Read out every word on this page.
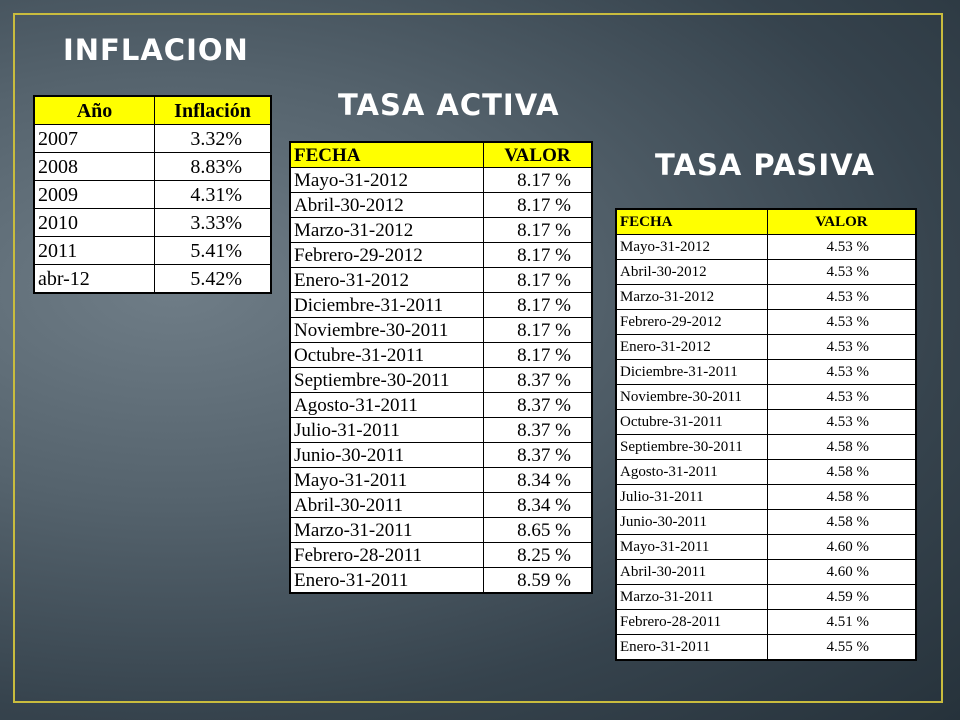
INFLACION
TASA ACTIVA
TASA PASIVA
Año	Inflación
2007	3.32%
2008	8.83%
2009	4.31%
2010	3.33%
2011	5.41%
abr-12	5.42%
FECHA	VALOR
Mayo-31-2012	8.17 %
Abril-30-2012	8.17 %
Marzo-31-2012	8.17 %
Febrero-29-2012	8.17 %
Enero-31-2012	8.17 %
Diciembre-31-2011	8.17 %
Noviembre-30-2011	8.17 %
Octubre-31-2011	8.17 %
Septiembre-30-2011	8.37 %
Agosto-31-2011	8.37 %
Julio-31-2011	8.37 %
Junio-30-2011	8.37 %
Mayo-31-2011	8.34 %
Abril-30-2011	8.34 %
Marzo-31-2011	8.65 %
Febrero-28-2011	8.25 %
Enero-31-2011	8.59 %
FECHA	VALOR
Mayo-31-2012	4.53 %
Abril-30-2012	4.53 %
Marzo-31-2012	4.53 %
Febrero-29-2012	4.53 %
Enero-31-2012	4.53 %
Diciembre-31-2011	4.53 %
Noviembre-30-2011	4.53 %
Octubre-31-2011	4.53 %
Septiembre-30-2011	4.58 %
Agosto-31-2011	4.58 %
Julio-31-2011	4.58 %
Junio-30-2011	4.58 %
Mayo-31-2011	4.60 %
Abril-30-2011	4.60 %
Marzo-31-2011	4.59 %
Febrero-28-2011	4.51 %
Enero-31-2011	4.55 %
